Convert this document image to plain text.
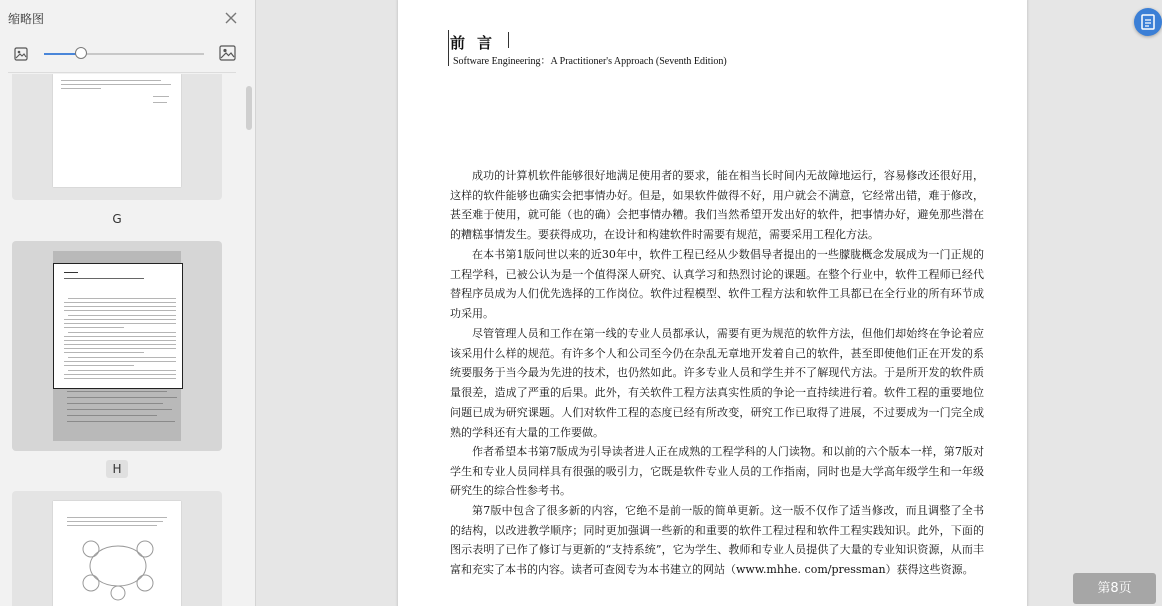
缩略图
G
H
前言
Software Engineering：A Practitioner's Approach (Seventh Edition)
成功的计算机软件能够很好地满足使用者的要求，能在相当长时间内无故障地运行，容易修改还很好用，这样的软件能够也确实会把事情办好。但是，如果软件做得不好，用户就会不满意，它经常出错，难于修改，甚至难于使用，就可能（也的确）会把事情办糟。我们当然希望开发出好的软件，把事情办好，避免那些潜在的糟糕事情发生。要获得成功，在设计和构建软件时需要有规范，需要采用工程化方法。
在本书第1版问世以来的近30年中，软件工程已经从少数倡导者提出的一些朦胧概念发展成为一门正规的工程学科，已被公认为是一个值得深人研究、认真学习和热烈讨论的课题。在整个行业中，软件工程师已经代替程序员成为人们优先选择的工作岗位。软件过程模型、软件工程方法和软件工具都已在全行业的所有环节成功采用。
尽管管理人员和工作在第一线的专业人员都承认，需要有更为规范的软件方法，但他们却始终在争论着应该采用什么样的规范。有许多个人和公司至今仍在杂乱无章地开发着自己的软件，甚至即使他们正在开发的系统要服务于当今最为先进的技术，也仍然如此。许多专业人员和学生并不了解现代方法。于是所开发的软件质量很差，造成了严重的后果。此外，有关软件工程方法真实性质的争论一直持续进行着。软件工程的重要地位问题已成为研究课题。人们对软件工程的态度已经有所改变，研究工作已取得了进展，不过要成为一门完全成熟的学科还有大量的工作要做。
作者希望本书第7版成为引导读者进人正在成熟的工程学科的人门读物。和以前的六个版本一样，第7版对学生和专业人员同样具有很强的吸引力，它既是软件专业人员的工作指南，同时也是大学高年级学生和一年级研究生的综合性参考书。
第7版中包含了很多新的内容，它绝不是前一版的简单更新。这一版不仅作了适当修改，而且调整了全书的结构，以改进教学顺序；同时更加强调一些新的和重要的软件工程过程和软件工程实践知识。此外，下面的图示表明了已作了修订与更新的“支持系统”，它为学生、教师和专业人员提供了大量的专业知识资源，从而丰富和充实了本书的内容。读者可查阅专为本书建立的网站（www.mhhe. com/pressman）获得这些资源。
第8页
